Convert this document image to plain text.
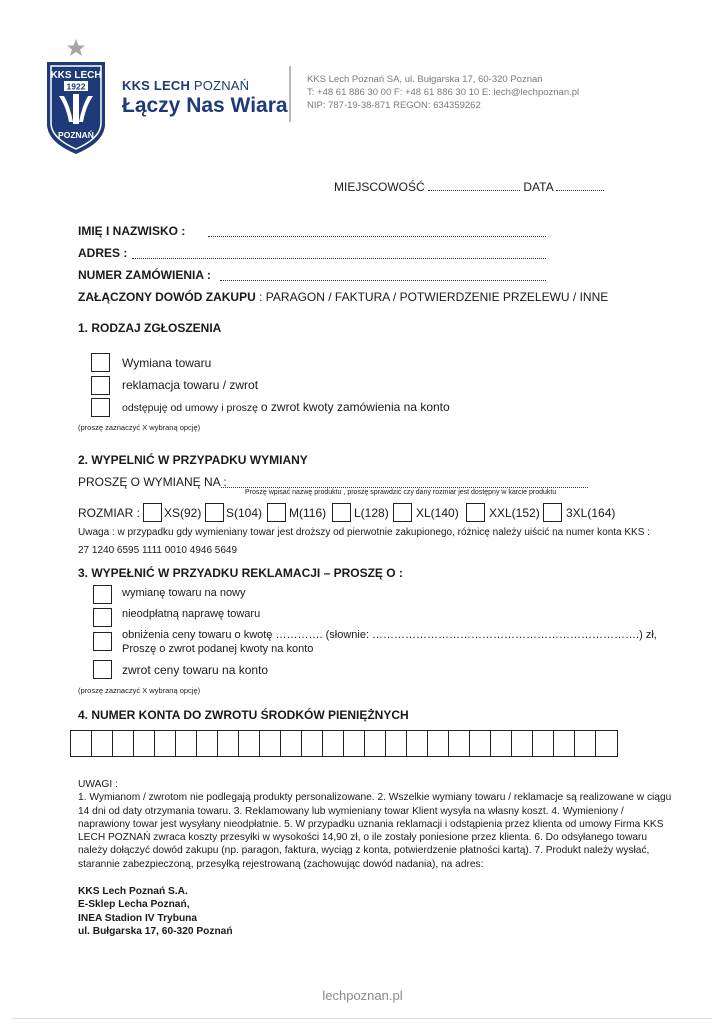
KKS LECH
1922
POZNAŃ
KKS LECH POZNAŃ
Łączy Nas Wiara
KKS Lech Poznań SA, ul. Bułgarska 17, 60-320 Poznań
T: +48 61 886 30 00 F: +48 61 886 30 10 E: lech@lechpoznan.pl
NIP: 787-19-38-871 REGON: 634359262
MIEJSCOWOŚĆ	DATA
IMIĘ I NAZWISKO :
ADRES :
NUMER ZAMÓWIENIA :
ZAŁĄCZONY DOWÓD ZAKUPU : PARAGON / FAKTURA / POTWIERDZENIE PRZELEWU / INNE
1. RODZAJ ZGŁOSZENIA
Wymiana towaru
reklamacja towaru / zwrot
odstępuję od umowy i proszę o zwrot kwoty zamówienia na konto
(proszę zaznaczyć X wybraną opcję)
2. WYPELNIĆ W PRZYPADKU WYMIANY
PROSZĘ O WYMIANĘ NA :
Proszę wpisać nazwę produktu , proszę sprawdzić czy dany rozmiar jest dostępny w karcie produktu
ROZMIAR : XS(92) S(104) M(116) L(128) XL(140)	XXL(152) 3XL(164)
Uwaga : w przypadku gdy wymieniany towar jest droższy od pierwotnie zakupionego, różnicę należy uiścić na numer konta KKS :
27 1240 6595 1111 0010 4946 5649
3. WYPEŁNIĆ W PRZYADKU REKLAMACJI – PROSZĘ O :
wymianę towaru na nowy
nieodpłatną naprawę towaru
obniżenia ceny towaru o kwotę …………. (słownie: ……………………………………………………………….) zł,
Proszę o zwrot podanej kwoty na konto
zwrot ceny towaru na konto
(proszę zaznaczyć X wybraną opcję)
4. NUMER KONTA DO ZWROTU ŚRODKÓW PIENIĘŻNYCH
UWAGI :
1. Wymianom / zwrotom nie podlegają produkty personalizowane. 2. Wszelkie wymiany towaru / reklamacje są realizowane w ciągu 14 dni od daty otrzymania towaru. 3. Reklamowany lub wymieniany towar Klient wysyła na własny koszt. 4. Wymieniony / naprawiony towar jest wysyłany nieodpłatnie. 5. W przypadku uznania reklamacji i odstąpienia przez klienta od umowy Firma KKS LECH POZNAŃ zwraca koszty przesyłki w wysokości 14,90 zł, o ile zostały poniesione przez klienta. 6. Do odsyłanego towaru należy dołączyć dowód zakupu (np. paragon, faktura, wyciąg z konta, potwierdzenie płatności kartą). 7. Produkt należy wysłać, starannie zabezpieczoną, przesyłką rejestrowaną (zachowując dowód nadania), na adres:
KKS Lech Poznań S.A.
E-Sklep Lecha Poznań,
INEA Stadion IV Trybuna
ul. Bułgarska 17, 60-320 Poznań
lechpoznan.pl
